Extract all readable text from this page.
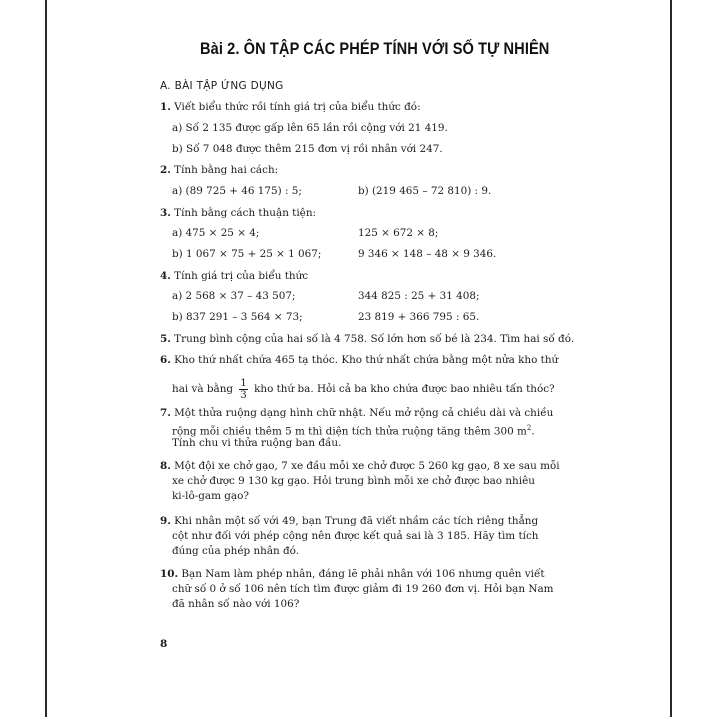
Bài 2. ÔN TẬP CÁC PHÉP TÍNH VỚI SỐ TỰ NHIÊN
A. BÀI TẬP ỨNG DỤNG
1. Viết biểu thức rồi tính giá trị của biểu thức đó:
a) Số 2 135 được gấp lên 65 lần rồi cộng với 21 419.
b) Số 7 048 được thêm 215 đơn vị rồi nhân với 247.
2. Tính bằng hai cách:
a) (89 725 + 46 175) : 5;	b) (219 465 – 72 810) : 9.
3. Tính bằng cách thuận tiện:
a) 475 × 25 × 4;	125 × 672 × 8;
b) 1 067 × 75 + 25 × 1 067;	9 346 × 148 – 48 × 9 346.
4. Tính giá trị của biểu thức
a) 2 568 × 37 – 43 507;	344 825 : 25 + 31 408;
b) 837 291 – 3 564 × 73;	23 819 + 366 795 : 65.
5. Trung bình cộng của hai số là 4 758. Số lớn hơn số bé là 234. Tìm hai số đó.
6. Kho thứ nhất chứa 465 tạ thóc. Kho thứ nhất chứa bằng một nửa kho thứ
hai và bằng $\frac{1}{3}$ kho thứ ba. Hỏi cả ba kho chứa được bao nhiêu tấn thóc?
7. Một thửa ruộng dạng hình chữ nhật. Nếu mở rộng cả chiều dài và chiều
rộng mỗi chiều thêm 5 m thì diện tích thửa ruộng tăng thêm 300 $m^2$.
Tính chu vi thửa ruộng ban đầu.
8. Một đội xe chở gạo, 7 xe đầu mỗi xe chở được 5 260 kg gạo, 8 xe sau mỗi
xe chở được 9 130 kg gạo. Hỏi trung bình mỗi xe chở được bao nhiêu
ki-lô-gam gạo?
9. Khi nhân một số với 49, bạn Trung đã viết nhầm các tích riêng thẳng
cột như đối với phép cộng nên được kết quả sai là 3 185. Hãy tìm tích
đúng của phép nhân đó.
10. Bạn Nam làm phép nhân, đáng lẽ phải nhân với 106 nhưng quên viết
chữ số 0 ở số 106 nên tích tìm được giảm đi 19 260 đơn vị. Hỏi bạn Nam
đã nhân số nào với 106?
8
